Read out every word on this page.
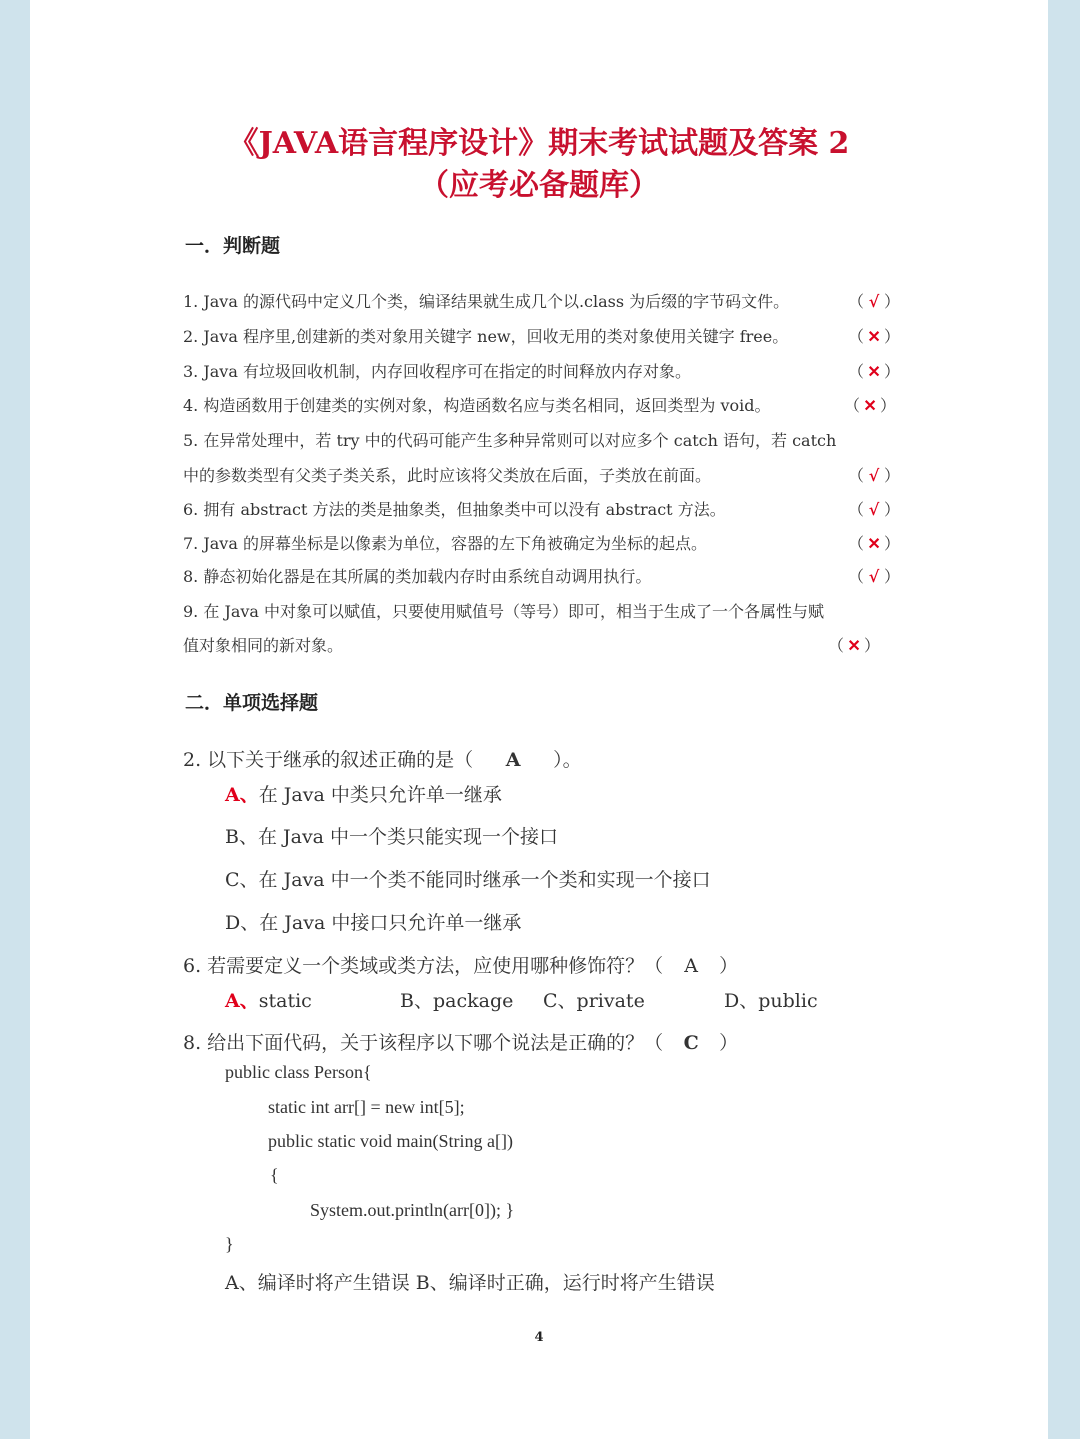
《JAVA语言程序设计》期末考试试题及答案 2
（应考必备题库）
一．判断题
1. Java 的源代码中定义几个类，编译结果就生成几个以.class 为后缀的字节码文件。	（ √ ）
2. Java 程序里,创建新的类对象用关键字 new，回收无用的类对象使用关键字 free。	（ ✕ ）
3. Java 有垃圾回收机制，内存回收程序可在指定的时间释放内存对象。	（ ✕ ）
4. 构造函数用于创建类的实例对象，构造函数名应与类名相同，返回类型为 void。	（ ✕ ）
5. 在异常处理中，若 try 中的代码可能产生多种异常则可以对应多个 catch 语句，若 catch
中的参数类型有父类子类关系，此时应该将父类放在后面，子类放在前面。	（ √ ）
6. 拥有 abstract 方法的类是抽象类，但抽象类中可以没有 abstract 方法。	（ √ ）
7. Java 的屏幕坐标是以像素为单位，容器的左下角被确定为坐标的起点。	（ ✕ ）
8. 静态初始化器是在其所属的类加载内存时由系统自动调用执行。	（ √ ）
9. 在 Java 中对象可以赋值，只要使用赋值号（等号）即可，相当于生成了一个各属性与赋
值对象相同的新对象。	（ ✕ ）
二．单项选择题
2. 以下关于继承的叙述正确的是（ A ）。
A、在 Java 中类只允许单一继承
B、在 Java 中一个类只能实现一个接口
C、在 Java 中一个类不能同时继承一个类和实现一个接口
D、在 Java 中接口只允许单一继承
6. 若需要定义一个类域或类方法，应使用哪种修饰符？（ A ）
A、static	B、package C、private	D、public
8. 给出下面代码，关于该程序以下哪个说法是正确的？（ C ）
public class Person{
static int arr[] = new int[5];
public static void main(String a[])
{
System.out.println(arr[0]); }
}
A、编译时将产生错误 B、编译时正确，运行时将产生错误
4
